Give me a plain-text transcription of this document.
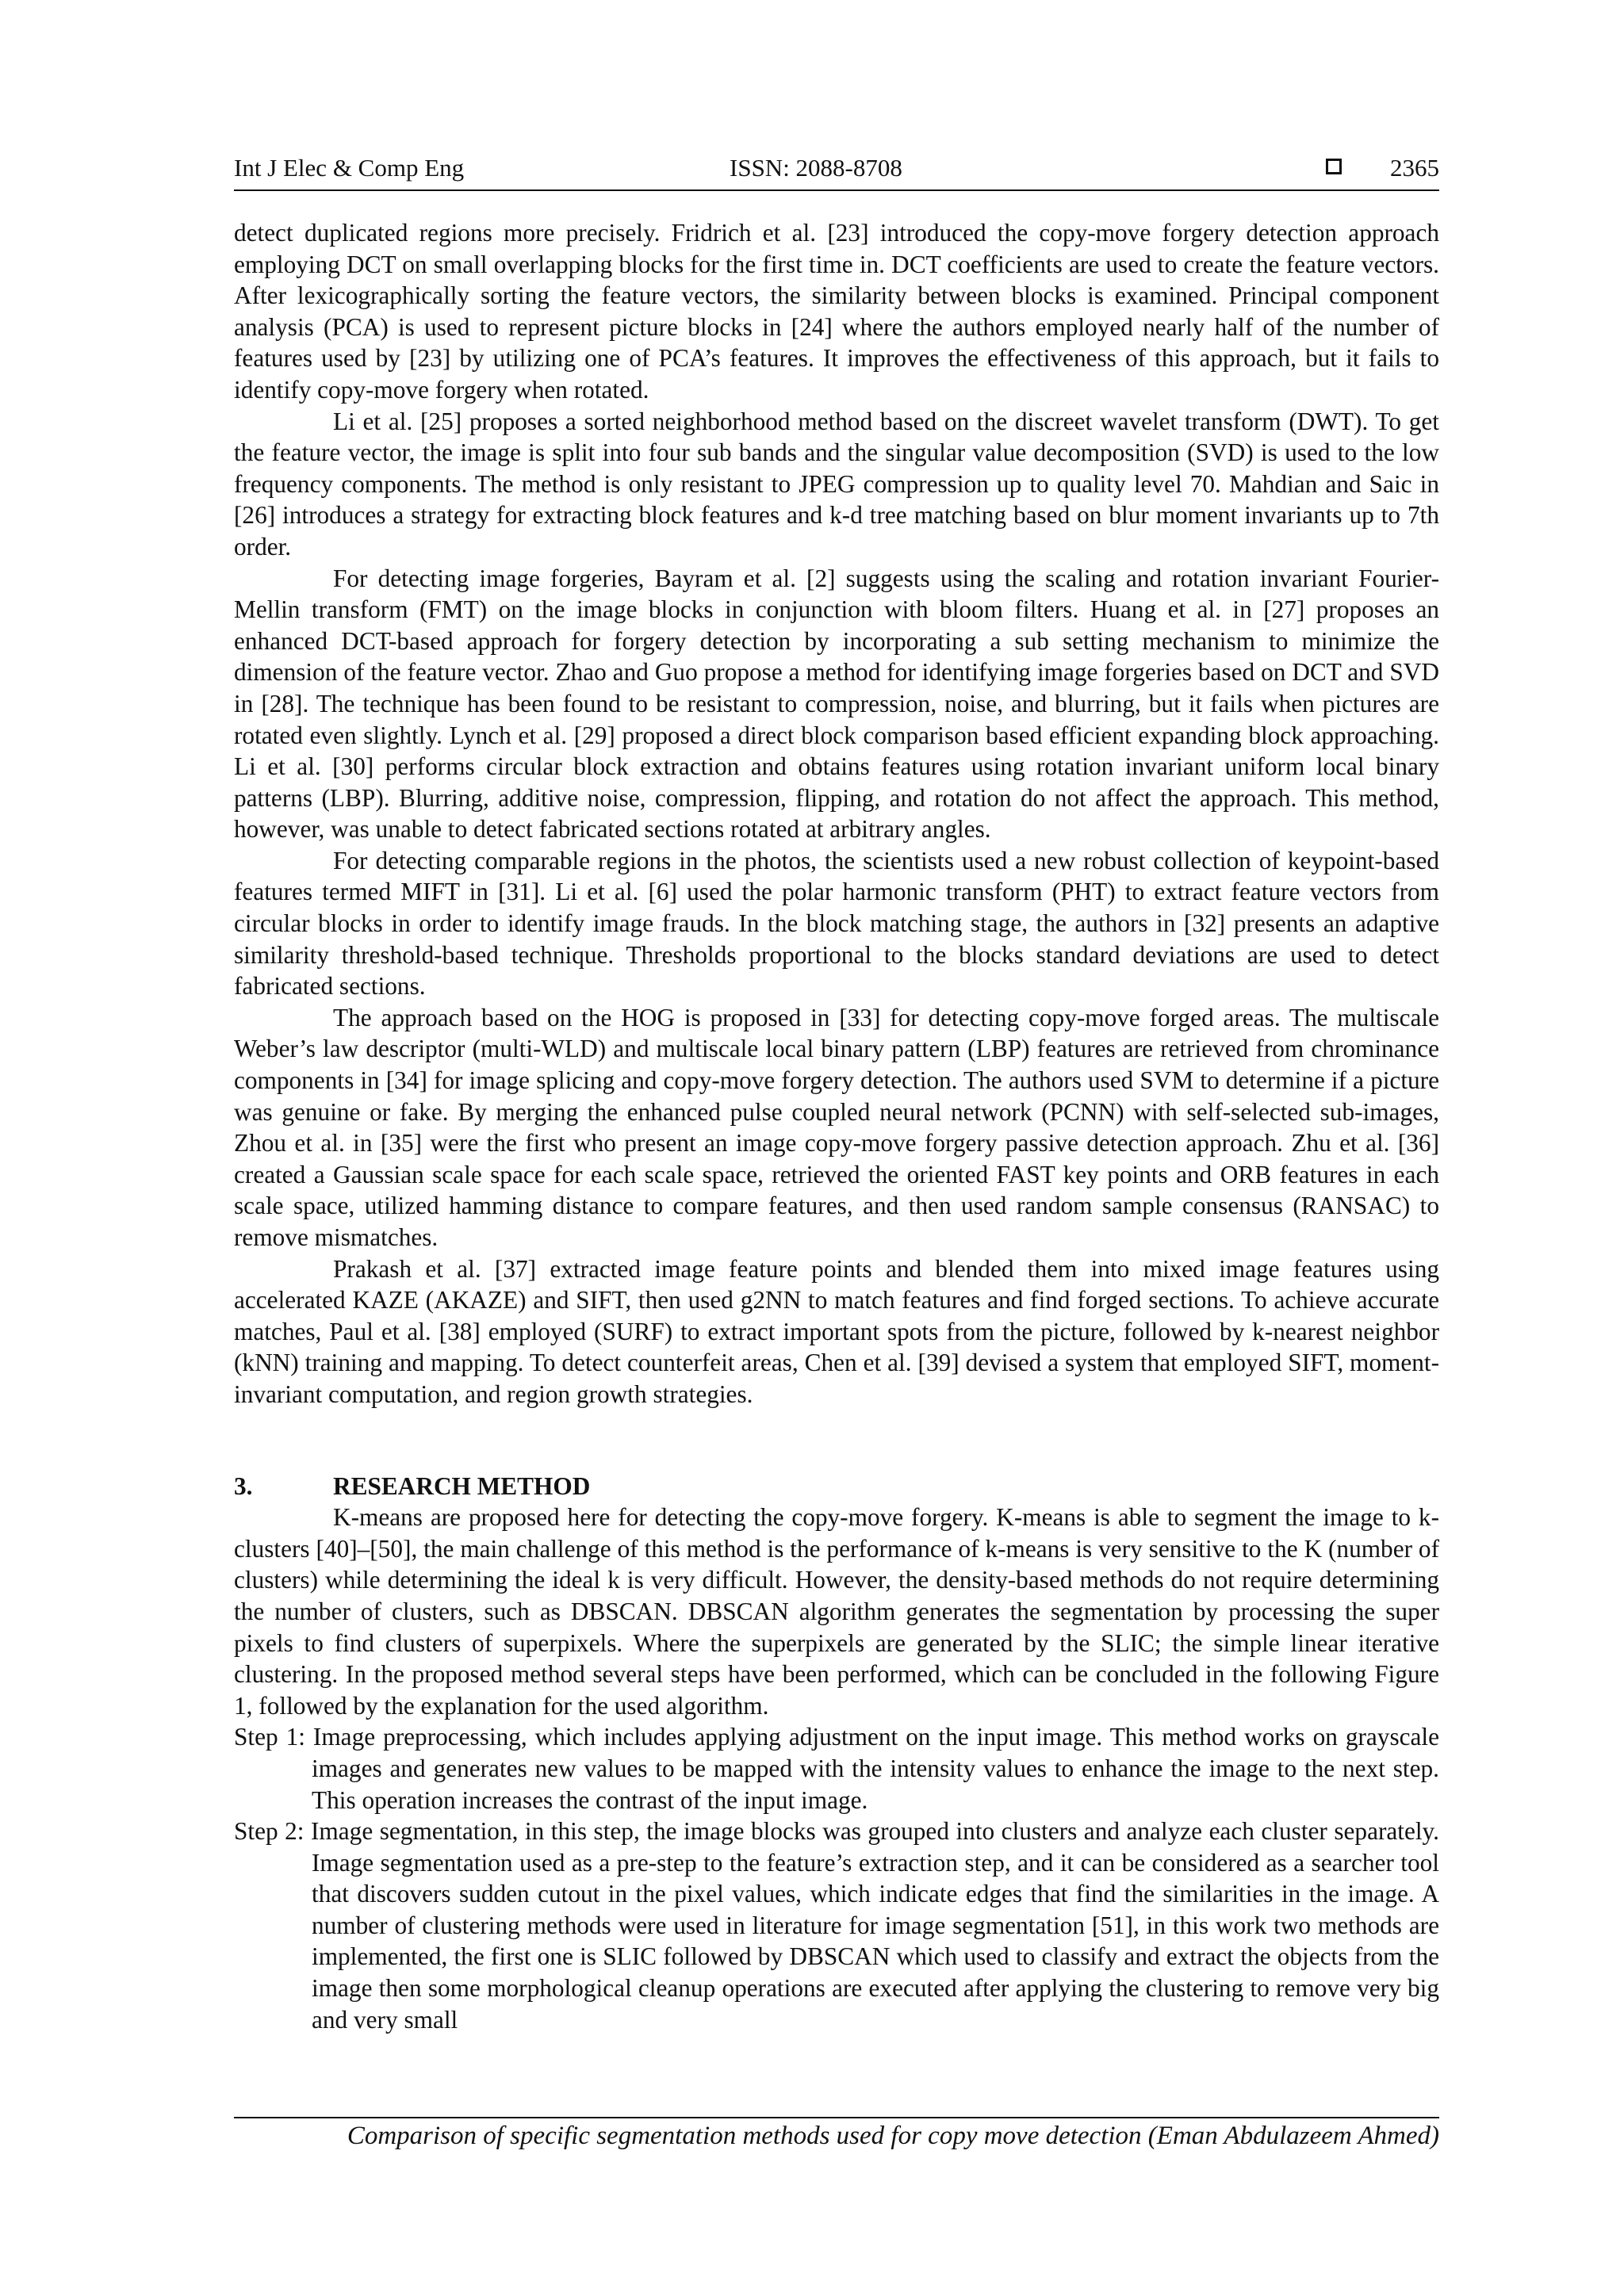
Int J Elec & Comp Eng	ISSN: 2088-8708	2365

detect duplicated regions more precisely. Fridrich et al. [23] introduced the copy-move forgery detection approach employing DCT on small overlapping blocks for the first time in. DCT coefficients are used to create the feature vectors. After lexicographically sorting the feature vectors, the similarity between blocks is examined. Principal component analysis (PCA) is used to represent picture blocks in [24] where the authors employed nearly half of the number of features used by [23] by utilizing one of PCA’s features. It improves the effectiveness of this approach, but it fails to identify copy-move forgery when rotated.

Li et al. [25] proposes a sorted neighborhood method based on the discreet wavelet transform (DWT). To get the feature vector, the image is split into four sub bands and the singular value decomposition (SVD) is used to the low frequency components. The method is only resistant to JPEG compression up to quality level 70. Mahdian and Saic in [26] introduces a strategy for extracting block features and k-d tree matching based on blur moment invariants up to 7th order.

For detecting image forgeries, Bayram et al. [2] suggests using the scaling and rotation invariant Fourier-Mellin transform (FMT) on the image blocks in conjunction with bloom filters. Huang et al. in [27] proposes an enhanced DCT-based approach for forgery detection by incorporating a sub setting mechanism to minimize the dimension of the feature vector. Zhao and Guo propose a method for identifying image forgeries based on DCT and SVD in [28]. The technique has been found to be resistant to compression, noise, and blurring, but it fails when pictures are rotated even slightly. Lynch et al. [29] proposed a direct block comparison based efficient expanding block approaching. Li et al. [30] performs circular block extraction and obtains features using rotation invariant uniform local binary patterns (LBP). Blurring, additive noise, compression, flipping, and rotation do not affect the approach. This method, however, was unable to detect fabricated sections rotated at arbitrary angles.

For detecting comparable regions in the photos, the scientists used a new robust collection of keypoint-based features termed MIFT in [31]. Li et al. [6] used the polar harmonic transform (PHT) to extract feature vectors from circular blocks in order to identify image frauds. In the block matching stage, the authors in [32] presents an adaptive similarity threshold-based technique. Thresholds proportional to the blocks standard deviations are used to detect fabricated sections.

The approach based on the HOG is proposed in [33] for detecting copy-move forged areas. The multiscale Weber’s law descriptor (multi-WLD) and multiscale local binary pattern (LBP) features are retrieved from chrominance components in [34] for image splicing and copy-move forgery detection. The authors used SVM to determine if a picture was genuine or fake. By merging the enhanced pulse coupled neural network (PCNN) with self-selected sub-images, Zhou et al. in [35] were the first who present an image copy-move forgery passive detection approach. Zhu et al. [36] created a Gaussian scale space for each scale space, retrieved the oriented FAST key points and ORB features in each scale space, utilized hamming distance to compare features, and then used random sample consensus (RANSAC) to remove mismatches.

Prakash et al. [37] extracted image feature points and blended them into mixed image features using accelerated KAZE (AKAZE) and SIFT, then used g2NN to match features and find forged sections. To achieve accurate matches, Paul et al. [38] employed (SURF) to extract important spots from the picture, followed by k-nearest neighbor (kNN) training and mapping. To detect counterfeit areas, Chen et al. [39] devised a system that employed SIFT, moment-invariant computation, and region growth strategies.

3.	RESEARCH METHOD

K-means are proposed here for detecting the copy-move forgery. K-means is able to segment the image to k-clusters [40]–[50], the main challenge of this method is the performance of k-means is very sensitive to the K (number of clusters) while determining the ideal k is very difficult. However, the density-based methods do not require determining the number of clusters, such as DBSCAN. DBSCAN algorithm generates the segmentation by processing the super pixels to find clusters of superpixels. Where the superpixels are generated by the SLIC; the simple linear iterative clustering. In the proposed method several steps have been performed, which can be concluded in the following Figure 1, followed by the explanation for the used algorithm.

Step 1: Image preprocessing, which includes applying adjustment on the input image. This method works on grayscale images and generates new values to be mapped with the intensity values to enhance the image to the next step. This operation increases the contrast of the input image.

Step 2: Image segmentation, in this step, the image blocks was grouped into clusters and analyze each cluster separately. Image segmentation used as a pre-step to the feature’s extraction step, and it can be considered as a searcher tool that discovers sudden cutout in the pixel values, which indicate edges that find the similarities in the image. A number of clustering methods were used in literature for image segmentation [51], in this work two methods are implemented, the first one is SLIC followed by DBSCAN which used to classify and extract the objects from the image then some morphological cleanup operations are executed after applying the clustering to remove very big and very small

Comparison of specific segmentation methods used for copy move detection (Eman Abdulazeem Ahmed)
